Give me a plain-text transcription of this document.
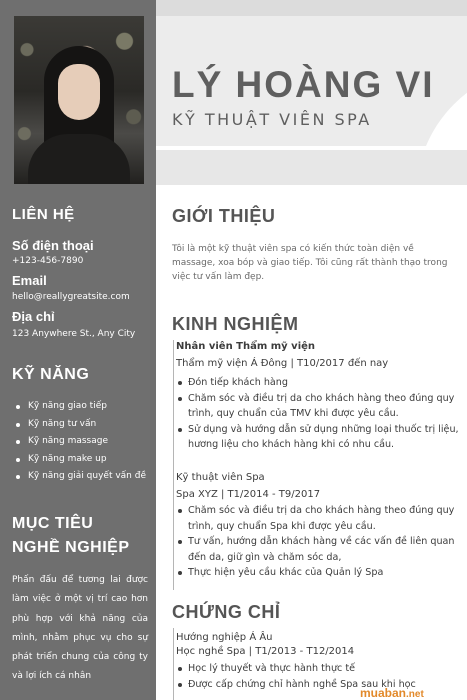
LÝ HOÀNG VI

KỸ THUẬT VIÊN SPA

LIÊN HỆ

Số điện thoại

+123-456-7890

Email

hello@reallygreatsite.com

Địa chỉ

123 Anywhere St., Any City

KỸ NĂNG
Kỹ năng giao tiếp
Kỹ năng tư vấn
Kỹ năng massage
Kỹ năng make up
Kỹ năng giải quyết vấn đề
MỤC TIÊU
NGHỀ NGHIỆP

Phấn đấu để tương lai được làm việc ở một vị trí cao hơn phù hợp với khả năng của mình, nhằm phục vụ cho sự phát triển chung của công ty và lợi ích cá nhân

GIỚI THIỆU

Tôi là một kỹ thuật viên spa có kiến thức toàn diện về massage, xoa bóp và giao tiếp. Tôi cũng rất thành thạo trong việc tư vấn làm đẹp.

KINH NGHIỆM

Nhân viên Thẩm mỹ viện

Thẩm mỹ viện Á Đông | T10/2017 đến nay

Đón tiếp khách hàng
Chăm sóc và điều trị da cho khách hàng theo đúng quy trình, quy chuẩn của TMV khi được yêu cầu.
Sử dụng và hướng dẫn sử dụng những loại thuốc trị liệu, hương liệu cho khách hàng khi có nhu cầu.

Kỹ thuật viên Spa

Spa XYZ | T1/2014 - T9/2017

Chăm sóc và điều trị da cho khách hàng theo đúng quy trình, quy chuẩn Spa khi được yêu cầu.
Tư vấn, hướng dẫn khách hàng về các vấn đề liên quan đến da, giữ gìn và chăm sóc da,
Thực hiện yêu cầu khác của Quản lý Spa
CHỨNG CHỈ

Hướng nghiệp Á Âu

Học nghề Spa | T1/2013 - T12/2014

Học lý thuyết và thực hành thực tế
Được cấp chứng chỉ hành nghề Spa sau khi học

muaban.net
